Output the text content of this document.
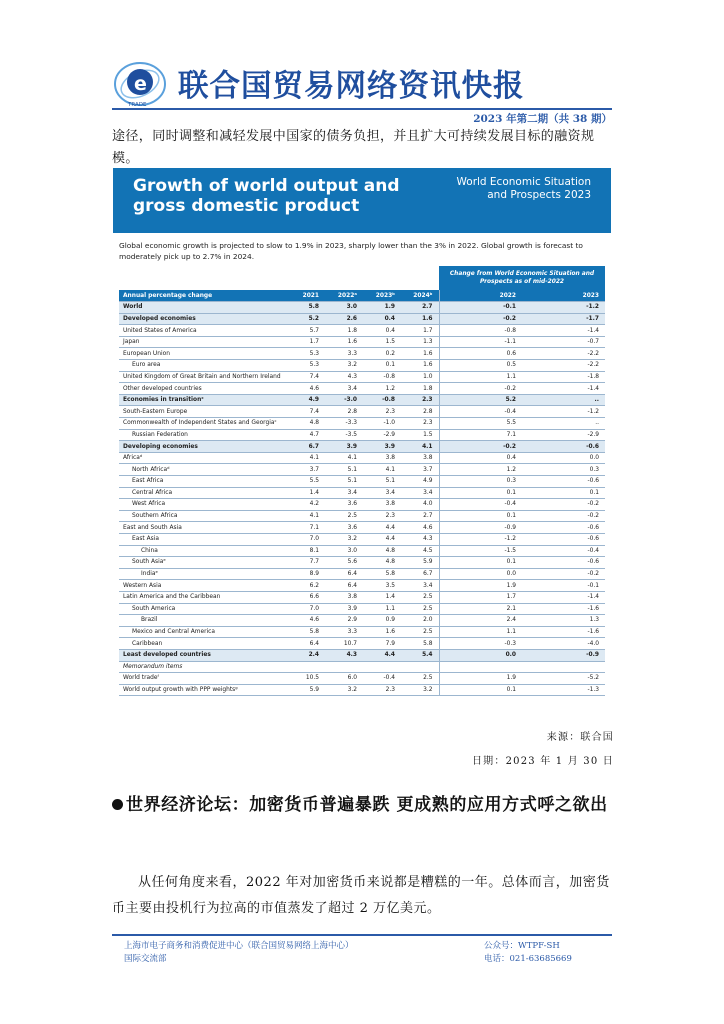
e
TRADE
联合国贸易网络资讯快报
2023 年第二期（共 38 期）
途径，同时调整和减轻发展中国家的债务负担，并且扩大可持续发展目标的融资规模。
Growth of world output and gross domestic product
World Economic Situation and Prospects 2023
Global economic growth is projected to slow to 1.9% in 2023, sharply lower than the 3% in 2022. Global growth is forecast to moderately pick up to 2.7% in 2024.
					Change from World Economic Situation and Prospects as of mid-2022	
Annual percentage change	2021	2022ᵃ	2023ᵇ	2024ᵇ	2022	2023
World	5.8	3.0	1.9	2.7	-0.1	-1.2
Developed economies	5.2	2.6	0.4	1.6	-0.2	-1.7
United States of America	5.7	1.8	0.4	1.7	-0.8	-1.4
Japan	1.7	1.6	1.5	1.3	-1.1	-0.7
European Union	5.3	3.3	0.2	1.6	0.6	-2.2
Euro area	5.3	3.2	0.1	1.6	0.5	-2.2
United Kingdom of Great Britain and Northern Ireland	7.4	4.3	-0.8	1.0	1.1	-1.8
Other developed countries	4.6	3.4	1.2	1.8	-0.2	-1.4
Economies in transitionᶜ	4.9	-3.0	-0.8	2.3	5.2	..
South-Eastern Europe	7.4	2.8	2.3	2.8	-0.4	-1.2
Commonwealth of Independent States and Georgiaᶜ	4.8	-3.3	-1.0	2.3	5.5	..
Russian Federation	4.7	-3.5	-2.9	1.5	7.1	-2.9
Developing economies	6.7	3.9	3.9	4.1	-0.2	-0.6
Africaᵈ	4.1	4.1	3.8	3.8	0.4	0.0
North Africaᵈ	3.7	5.1	4.1	3.7	1.2	0.3
East Africa	5.5	5.1	5.1	4.9	0.3	-0.6
Central Africa	1.4	3.4	3.4	3.4	0.1	0.1
West Africa	4.2	3.6	3.8	4.0	-0.4	-0.2
Southern Africa	4.1	2.5	2.3	2.7	0.1	-0.2
East and South Asia	7.1	3.6	4.4	4.6	-0.9	-0.6
East Asia	7.0	3.2	4.4	4.3	-1.2	-0.6
China	8.1	3.0	4.8	4.5	-1.5	-0.4
South Asiaᵉ	7.7	5.6	4.8	5.9	0.1	-0.6
Indiaᵉ	8.9	6.4	5.8	6.7	0.0	-0.2
Western Asia	6.2	6.4	3.5	3.4	1.9	-0.1
Latin America and the Caribbean	6.6	3.8	1.4	2.5	1.7	-1.4
South America	7.0	3.9	1.1	2.5	2.1	-1.6
Brazil	4.6	2.9	0.9	2.0	2.4	1.3
Mexico and Central America	5.8	3.3	1.6	2.5	1.1	-1.6
Caribbean	6.4	10.7	7.9	5.8	-0.3	-4.0
Least developed countries	2.4	4.3	4.4	5.4	0.0	-0.9
Memorandum items						
World tradeᶠ	10.5	6.0	-0.4	2.5	1.9	-5.2
World output growth with PPP weightsᵍ	5.9	3.2	2.3	3.2	0.1	-1.3
来源：联合国
日期：2023 年 1 月 30 日
世界经济论坛：加密货币普遍暴跌 更成熟的应用方式呼之欲出
从任何角度来看，2022 年对加密货币来说都是糟糕的一年。总体而言，加密货币主要由投机行为拉高的市值蒸发了超过 2 万亿美元。
上海市电子商务和消费促进中心（联合国贸易网络上海中心）
国际交流部
公众号：WTPF-SH
电话：021-63685669
